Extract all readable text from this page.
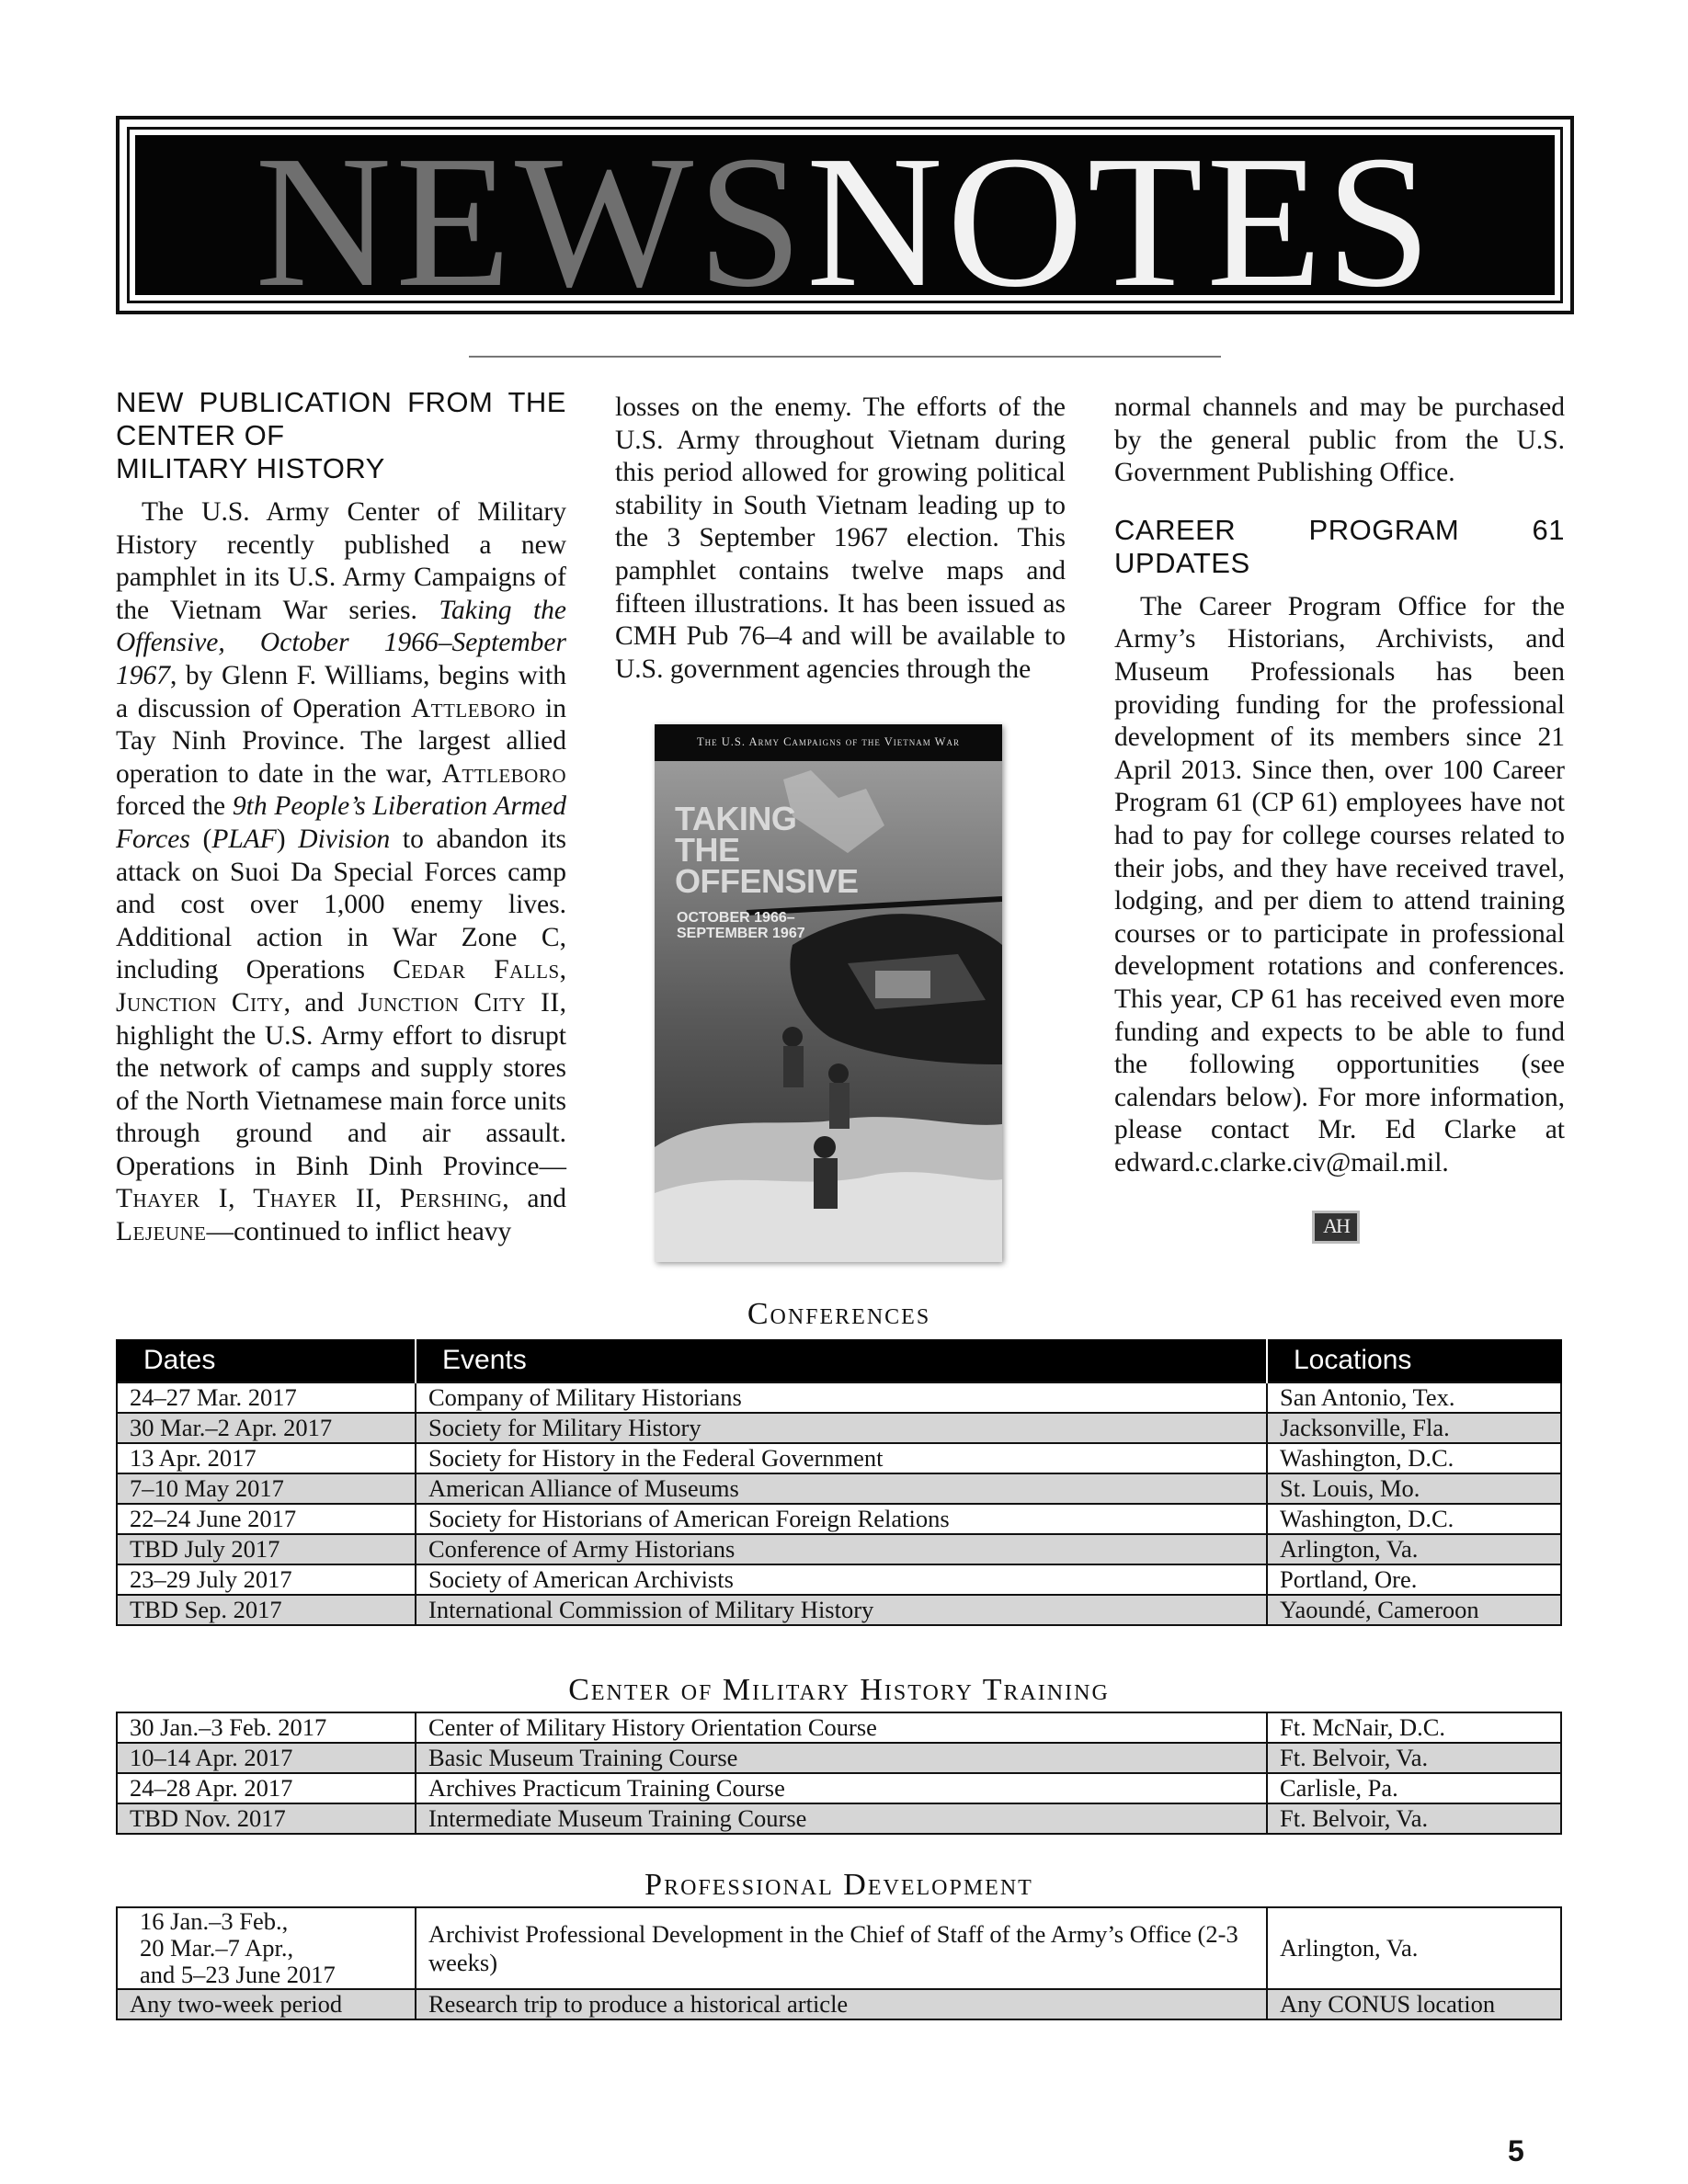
NEWSNOTES
NEW PUBLICATION FROM THE CENTER OF
MILITARY HISTORY

The U.S. Army Center of Military History recently published a new pamphlet in its U.S. Army Campaigns of the Vietnam War series. Taking the Offensive, October 1966–September 1967, by Glenn F. Williams, begins with a discussion of Operation Attleboro in Tay Ninh Province. The largest allied operation to date in the war, Attleboro forced the 9th People’s Liberation Armed Forces (PLAF) Division to abandon its attack on Suoi Da Special Forces camp and cost over 1,000 enemy lives. Additional action in War Zone C, including Operations Cedar Falls, Junction City, and Junction City II, highlight the U.S. Army effort to disrupt the network of camps and supply stores of the North Vietnamese main force units through ground and air assault. Operations in Binh Dinh Province—Thayer I, Thayer II, Pershing, and Lejeune—continued to inflict heavy

The U.S. Army Campaigns of the Vietnam War
TAKING
THE
OFFENSIVE
OCTOBER 1966–
SEPTEMBER 1967
AH
Conferences
Dates	Events	Locations
24–27 Mar. 2017	Company of Military Historians	San Antonio, Tex.
30 Mar.–2 Apr. 2017	Society for Military History	Jacksonville, Fla.
13 Apr. 2017	Society for History in the Federal Government	Washington, D.C.
7–10 May 2017	American Alliance of Museums	St. Louis, Mo.
22–24 June 2017	Society for Historians of American Foreign Relations	Washington, D.C.
TBD July 2017	Conference of Army Historians	Arlington, Va.
23–29 July 2017	Society of American Archivists	Portland, Ore.
TBD Sep. 2017	International Commission of Military History	Yaoundé, Cameroon
Center of Military History Training
30 Jan.–3 Feb. 2017	Center of Military History Orientation Course	Ft. McNair, D.C.
10–14 Apr. 2017	Basic Museum Training Course	Ft. Belvoir, Va.
24–28 Apr. 2017	Archives Practicum Training Course	Carlisle, Pa.
TBD Nov. 2017	Intermediate Museum Training Course	Ft. Belvoir, Va.
Professional Development
16 Jan.–3 Feb.,
20 Mar.–7 Apr.,
and 5–23 June 2017	Archivist Professional Development in the Chief of Staff of the Army’s Office (2-3 weeks)	Arlington, Va.
Any two-week period	Research trip to produce a historical article	Any CONUS location

losses on the enemy. The efforts of the U.S. Army throughout Vietnam during this period allowed for growing political stability in South Vietnam leading up to the 3 September 1967 election. This pamphlet contains twelve maps and fifteen illustrations. It has been issued as CMH Pub 76–4 and will be available to U.S. government agencies through the

normal channels and may be purchased by the general public from the U.S. Government Publishing Office.

CAREER PROGRAM 61 UPDATES

The Career Program Office for the Army’s Historians, Archivists, and Museum Professionals has been providing funding for the professional development of its members since 21 April 2013. Since then, over 100 Career Program 61 (CP 61) employees have not had to pay for college courses related to their jobs, and they have received travel, lodging, and per diem to attend training courses or to participate in professional development rotations and conferences. This year, CP 61 has received even more funding and expects to be able to fund the following opportunities (see calendars below). For more information, please contact Mr. Ed Clarke at edward.c.clarke.civ@mail.mil.

5
